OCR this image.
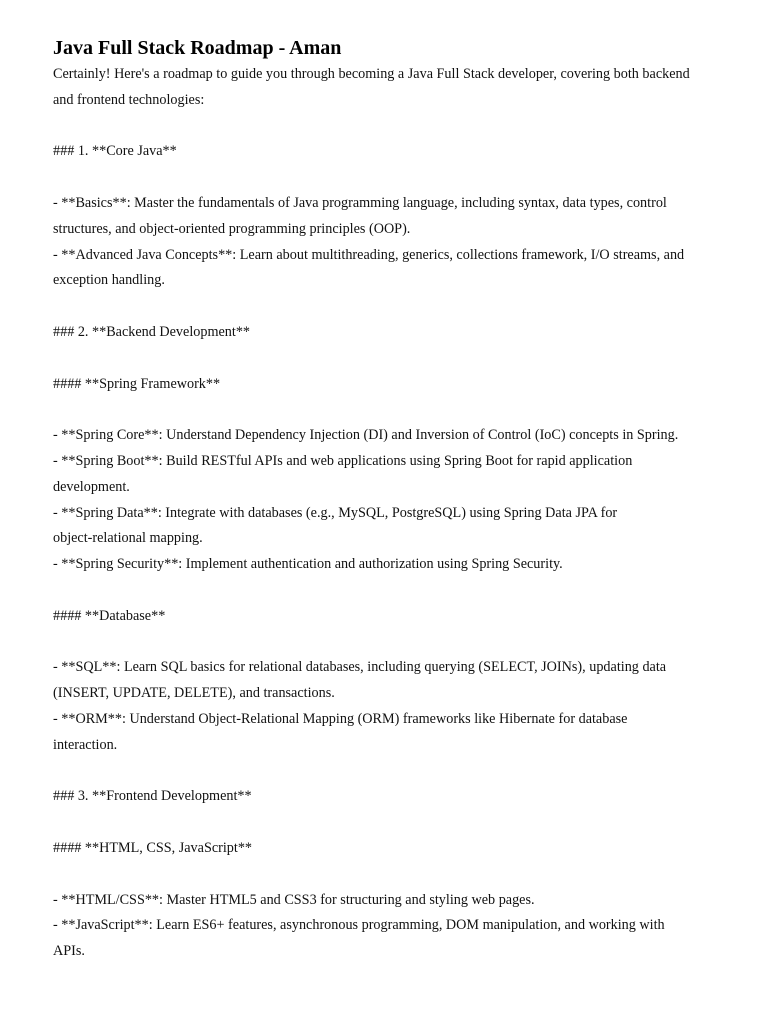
Java Full Stack Roadmap - Aman
Certainly! Here's a roadmap to guide you through becoming a Java Full Stack developer, covering both backend
and frontend technologies:
### 1. **Core Java**
- **Basics**: Master the fundamentals of Java programming language, including syntax, data types, control
structures, and object-oriented programming principles (OOP).
- **Advanced Java Concepts**: Learn about multithreading, generics, collections framework, I/O streams, and
exception handling.
### 2. **Backend Development**
#### **Spring Framework**
- **Spring Core**: Understand Dependency Injection (DI) and Inversion of Control (IoC) concepts in Spring.
- **Spring Boot**: Build RESTful APIs and web applications using Spring Boot for rapid application
development.
- **Spring Data**: Integrate with databases (e.g., MySQL, PostgreSQL) using Spring Data JPA for
object-relational mapping.
- **Spring Security**: Implement authentication and authorization using Spring Security.
#### **Database**
- **SQL**: Learn SQL basics for relational databases, including querying (SELECT, JOINs), updating data
(INSERT, UPDATE, DELETE), and transactions.
- **ORM**: Understand Object-Relational Mapping (ORM) frameworks like Hibernate for database
interaction.
### 3. **Frontend Development**
#### **HTML, CSS, JavaScript**
- **HTML/CSS**: Master HTML5 and CSS3 for structuring and styling web pages.
- **JavaScript**: Learn ES6+ features, asynchronous programming, DOM manipulation, and working with
APIs.
